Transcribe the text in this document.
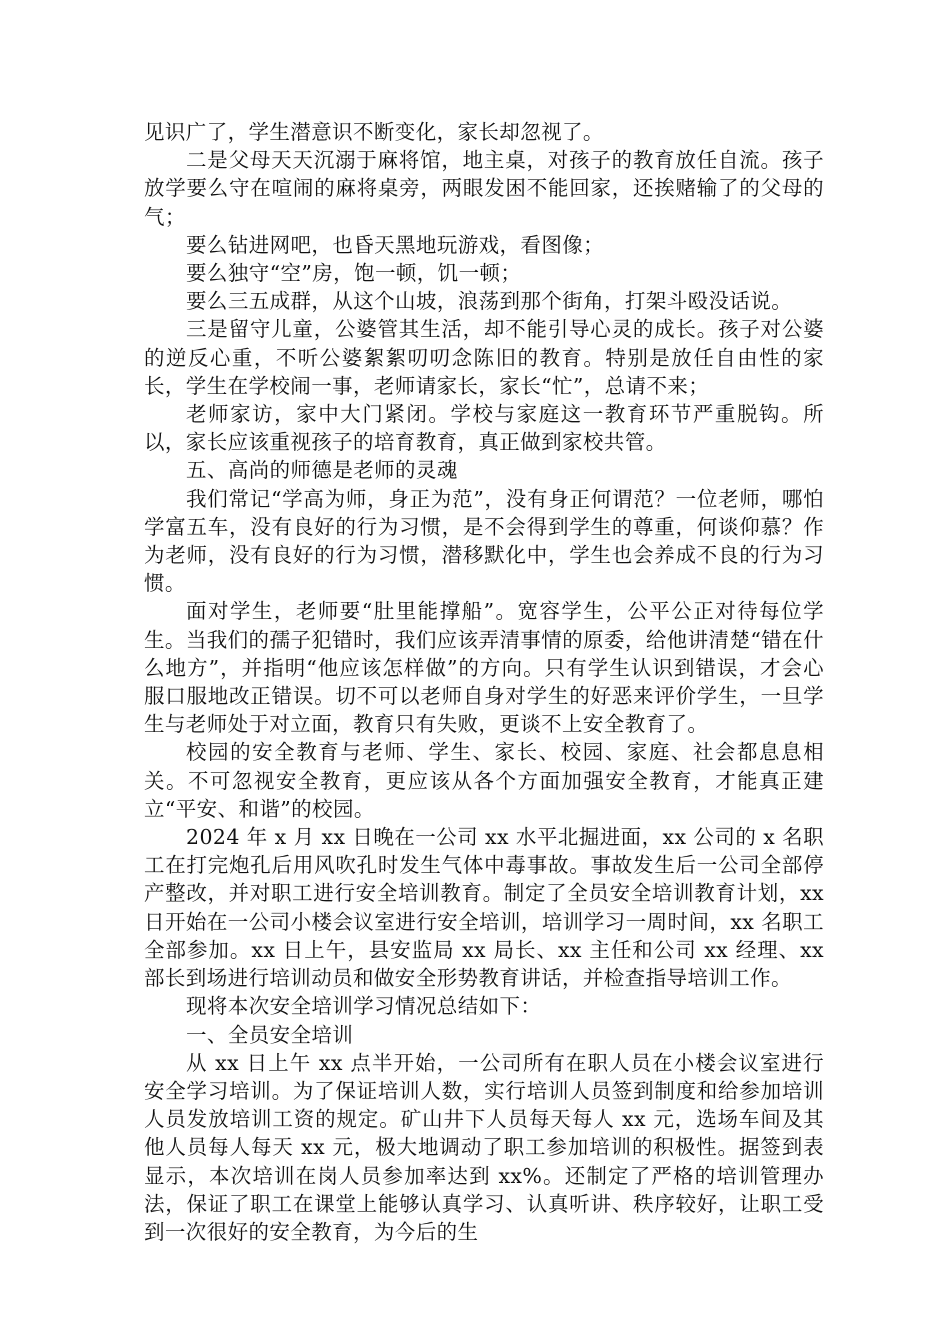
见识广了，学生潜意识不断变化，家长却忽视了。

二是父母天天沉溺于麻将馆，地主桌，对孩子的教育放任自流。孩子放学要么守在喧闹的麻将桌旁，两眼发困不能回家，还挨赌输了的父母的气；

要么钻进网吧，也昏天黑地玩游戏，看图像；

要么独守“空”房，饱一顿，饥一顿；

要么三五成群，从这个山坡，浪荡到那个街角，打架斗殴没话说。

三是留守儿童，公婆管其生活，却不能引导心灵的成长。孩子对公婆的逆反心重，不听公婆絮絮叨叨念陈旧的教育。特别是放任自由性的家长，学生在学校闹一事，老师请家长，家长“忙”，总请不来；

老师家访，家中大门紧闭。学校与家庭这一教育环节严重脱钩。所以，家长应该重视孩子的培育教育，真正做到家校共管。

五、高尚的师德是老师的灵魂

我们常记“学高为师，身正为范”，没有身正何谓范？一位老师，哪怕学富五车，没有良好的行为习惯，是不会得到学生的尊重，何谈仰慕？作为老师，没有良好的行为习惯，潜移默化中，学生也会养成不良的行为习惯。

面对学生，老师要“肚里能撑船”。宽容学生，公平公正对待每位学生。当我们的孺子犯错时，我们应该弄清事情的原委，给他讲清楚“错在什么地方”，并指明“他应该怎样做”的方向。只有学生认识到错误，才会心服口服地改正错误。切不可以老师自身对学生的好恶来评价学生，一旦学生与老师处于对立面，教育只有失败，更谈不上安全教育了。

校园的安全教育与老师、学生、家长、校园、家庭、社会都息息相关。不可忽视安全教育，更应该从各个方面加强安全教育，才能真正建立“平安、和谐”的校园。

2024 年 x 月 xx 日晚在一公司 xx 水平北掘进面，xx 公司的 x 名职工在打完炮孔后用风吹孔时发生气体中毒事故。事故发生后一公司全部停产整改，并对职工进行安全培训教育。制定了全员安全培训教育计划，xx 日开始在一公司小楼会议室进行安全培训，培训学习一周时间，xx 名职工全部参加。xx 日上午，县安监局 xx 局长、xx 主任和公司 xx 经理、xx 部长到场进行培训动员和做安全形势教育讲话，并检查指导培训工作。

现将本次安全培训学习情况总结如下：

一、全员安全培训

从 xx 日上午 xx 点半开始，一公司所有在职人员在小楼会议室进行安全学习培训。为了保证培训人数，实行培训人员签到制度和给参加培训人员发放培训工资的规定。矿山井下人员每天每人 xx 元，选场车间及其他人员每人每天 xx 元，极大地调动了职工参加培训的积极性。据签到表显示，本次培训在岗人员参加率达到 xx%。还制定了严格的培训管理办法，保证了职工在课堂上能够认真学习、认真听讲、秩序较好，让职工受到一次很好的安全教育，为今后的生
